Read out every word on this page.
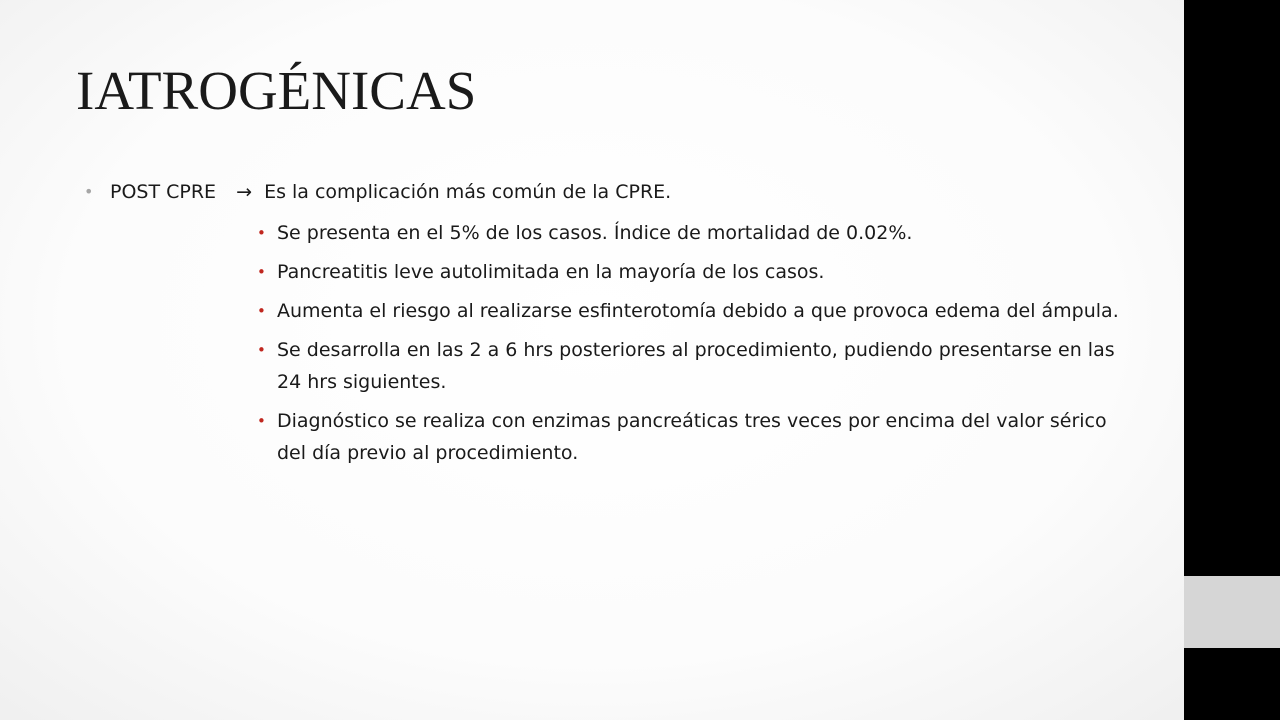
IATROGÉNICAS
• POST CPRE → Es la complicación más común de la CPRE.
• Se presenta en el 5% de los casos. Índice de mortalidad de 0.02%.
• Pancreatitis leve autolimitada en la mayoría de los casos.
• Aumenta el riesgo al realizarse esfinterotomía debido a que provoca edema del ámpula.
• Se desarrolla en las 2 a 6 hrs posteriores al procedimiento, pudiendo presentarse en las 24 hrs siguientes.
• Diagnóstico se realiza con enzimas pancreáticas tres veces por encima del valor sérico del día previo al procedimiento.
